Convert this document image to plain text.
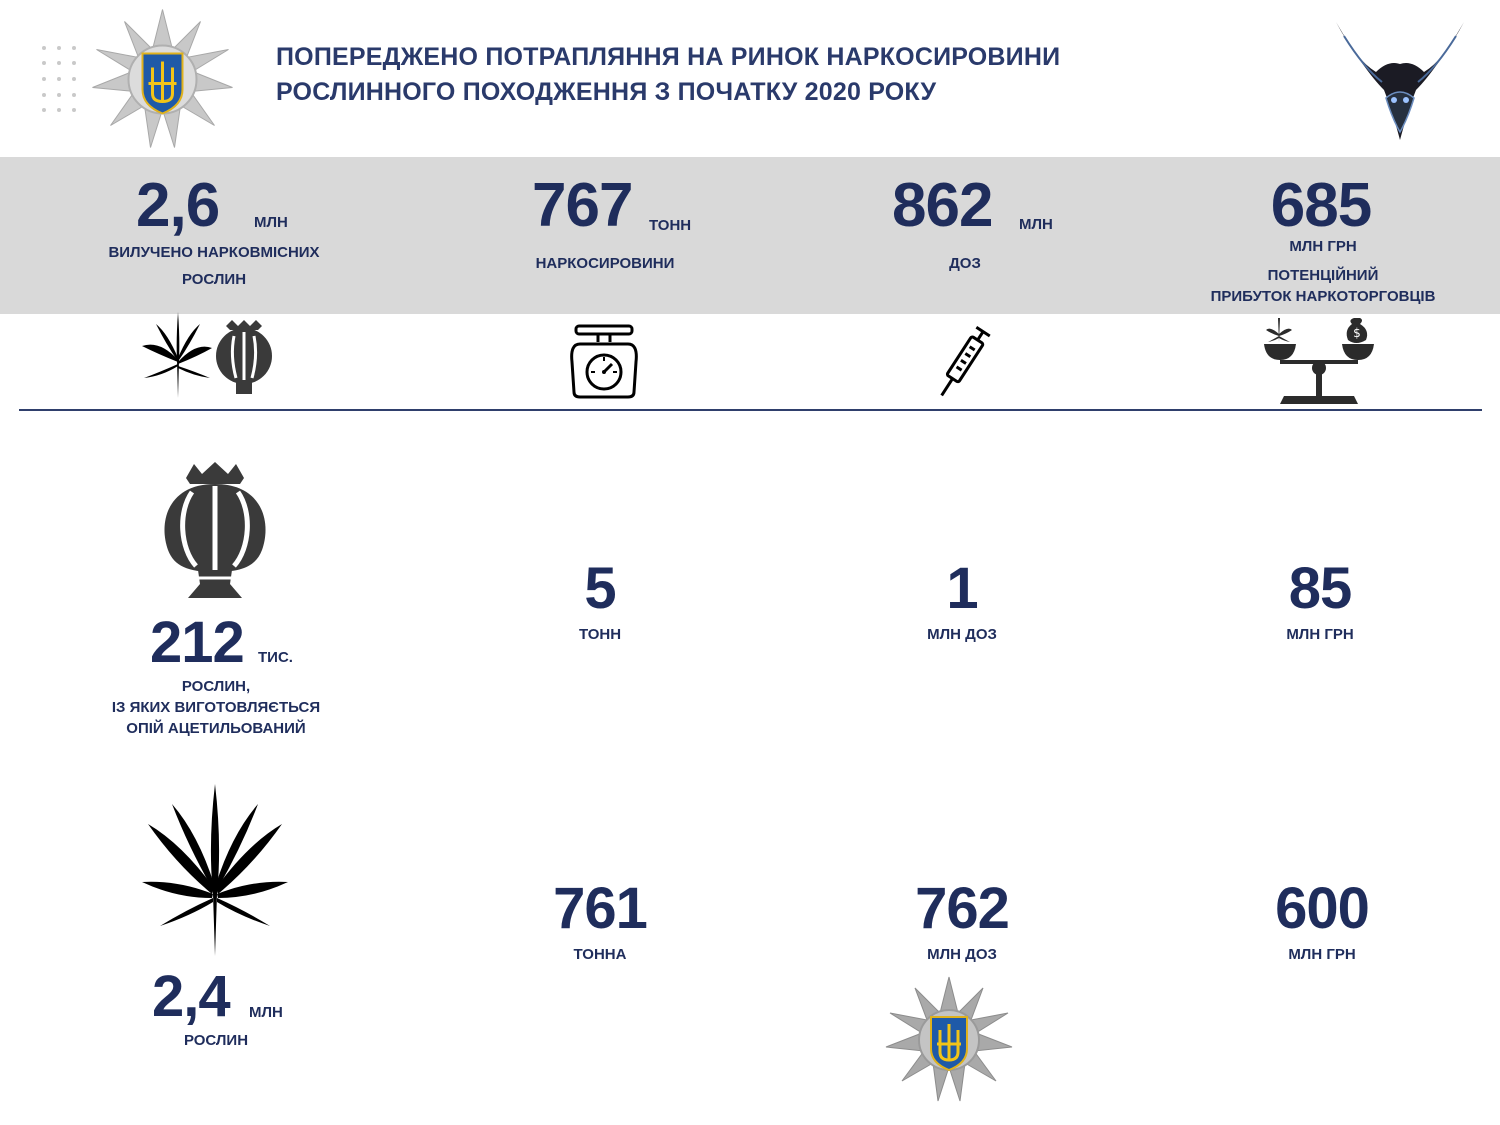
ПОПЕРЕДЖЕНО ПОТРАПЛЯННЯ НА РИНОК НАРКОСИРОВИНИ
РОСЛИННОГО ПОХОДЖЕННЯ З ПОЧАТКУ 2020 РОКУ
2,6 МЛН
ВИЛУЧЕНО НАРКОВМІСНИХ
РОСЛИН
767 ТОНН
НАРКОСИРОВИНИ
862 МЛН
ДОЗ
685
МЛН ГРН
ПОТЕНЦІЙНИЙ
ПРИБУТОК НАРКОТОРГОВЦІВ
$
212 ТИС.
РОСЛИН,
ІЗ ЯКИХ ВИГОТОВЛЯЄТЬСЯ
ОПІЙ АЦЕТИЛЬОВАНИЙ
5
ТОНН
1
МЛН ДОЗ
85
МЛН ГРН
2,4 МЛН
РОСЛИН
761
ТОННА
762
МЛН ДОЗ
600
МЛН ГРН
